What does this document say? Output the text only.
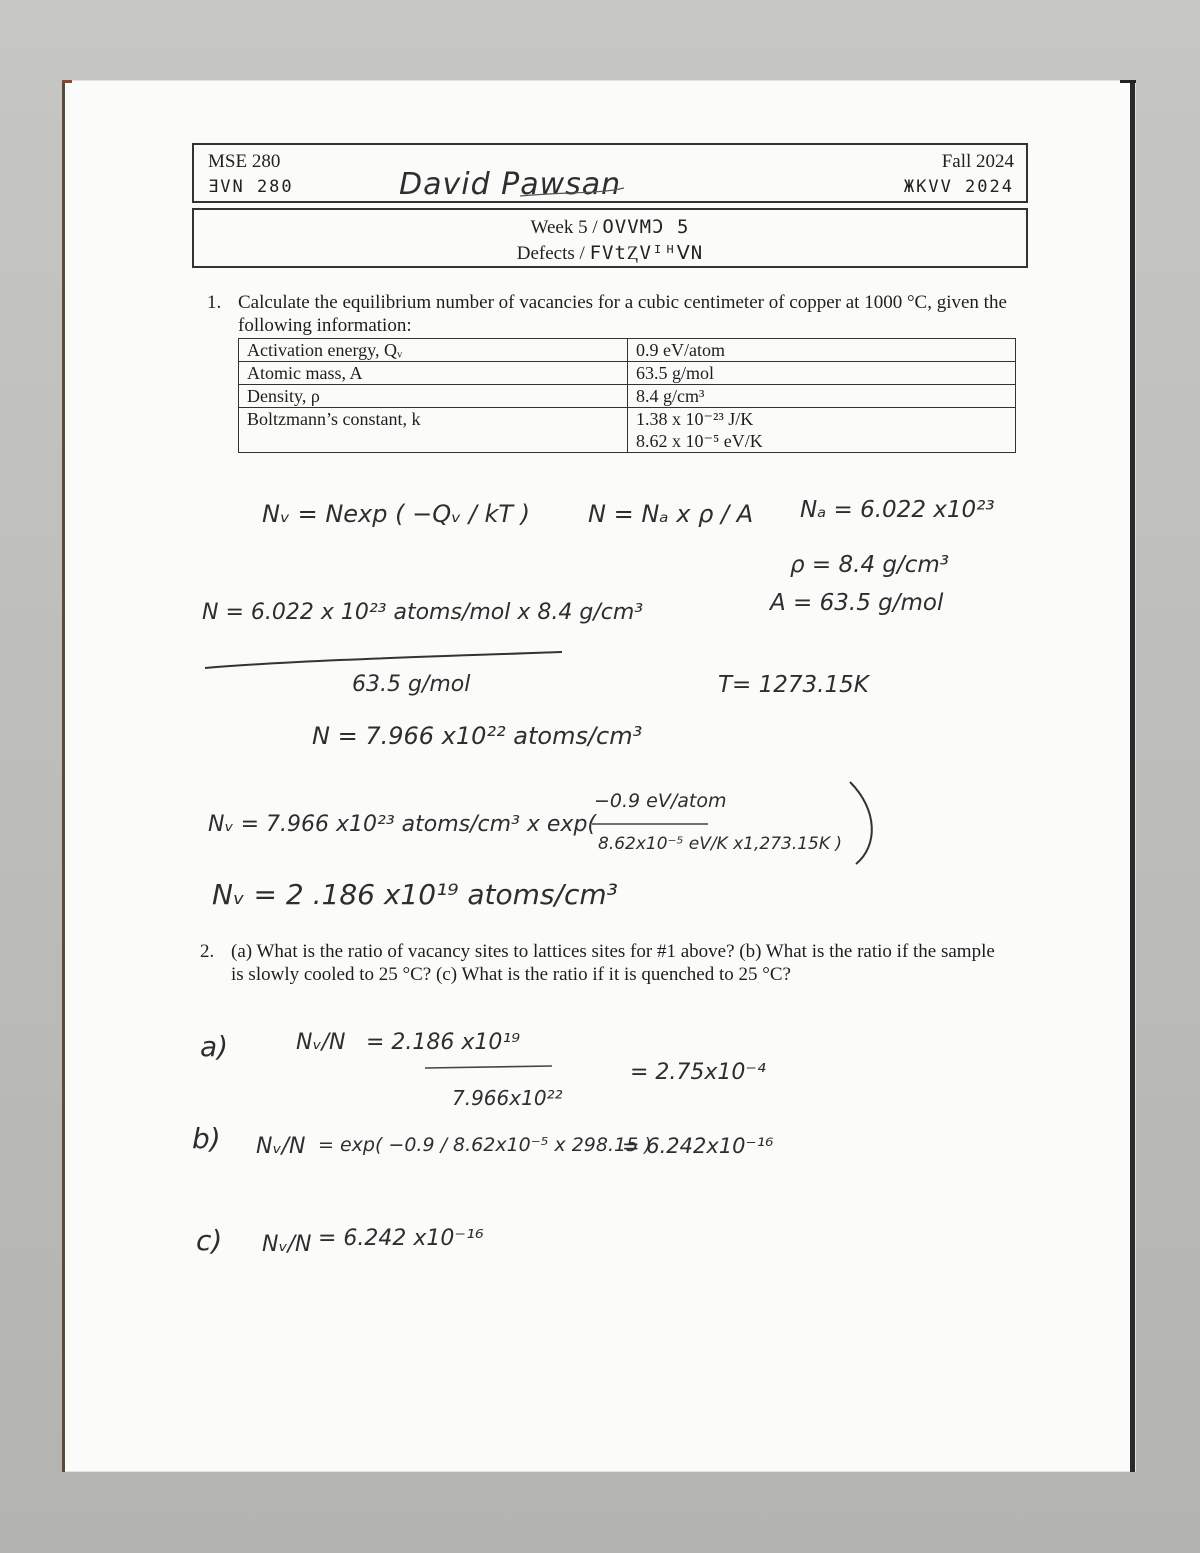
MSE 280
ƎVN 280	David Pawsan
Fall 2024
ЖKVV 2024
Week 5 / ΟVVΜϽ 5
Defects / ϜVtⱫVᴵᴴᐯN
1. Calculate the equilibrium number of vacancies for a cubic centimeter of copper at 1000 °C, given the following information:
Activation energy, Qᵥ	0.9 eV/atom
Atomic mass, A	63.5 g/mol
Density, ρ	8.4 g/cm³
Boltzmann’s constant, k	1.38 x 10⁻²³ J/K
8.62 x 10⁻⁵ eV/K
Nᵥ = Nexp ( −Qᵥ / kT ) N = Nₐ x ρ / A Nₐ = 6.022 x10²³
ρ = 8.4 g/cm³
A = 63.5 g/mol
N = 6.022 x 10²³ atoms/mol x 8.4 g/cm³
63.5 g/mol	T= 1273.15K
N = 7.966 x10²² atoms/cm³
Nᵥ = 7.966 x10²³ atoms/cm³ x exp(
−0.9 eV/atom
8.62x10⁻⁵ eV/K x1,273.15K )
Nᵥ = 2 .186 x10¹⁹ atoms/cm³
2. (a) What is the ratio of vacancy sites to lattices sites for #1 above? (b) What is the ratio if the sample is slowly cooled to 25 °C? (c) What is the ratio if it is quenched to 25 °C?
a)	Nᵥ/N = 2.186 x10¹⁹
7.966x10²²
= 2.75x10⁻⁴
b) Nᵥ/N = exp( −0.9 / 8.62x10⁻⁵ x 298.15 )
= 6.242x10⁻¹⁶
c) Nᵥ/N = 6.242 x10⁻¹⁶
